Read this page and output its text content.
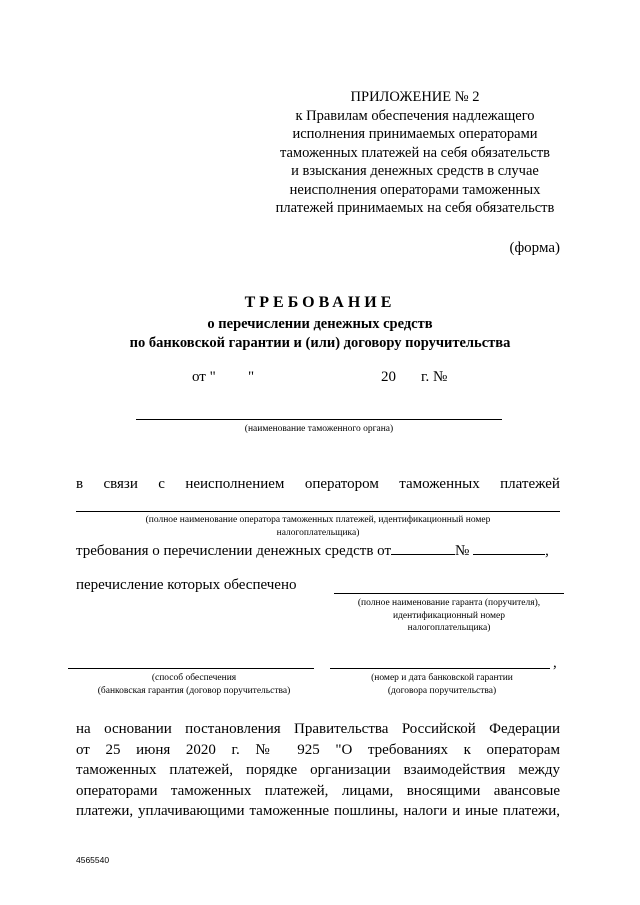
ПРИЛОЖЕНИЕ № 2
к Правилам обеспечения надлежащего
исполнения принимаемых операторами
таможенных платежей на себя обязательств
и взыскания денежных средств в случае
неисполнения операторами таможенных
платежей принимаемых на себя обязательств
(форма)
ТРЕБОВАНИЕ
о перечислении денежных средств
по банковской гарантии и (или) договору поручительства
от " "	20 г. №
(наименование таможенного органа)
в связи с неисполнением оператором таможенных платежей
(полное наименование оператора таможенных платежей, идентификационный номер
налогоплательщика)
требования о перечислении денежных средств от	№	,
перечисление которых обеспечено
(полное наименование гаранта (поручителя),
идентификационный номер
налогоплательщика)
(способ обеспечения
(банковская гарантия (договор поручительства)
,
(номер и дата банковской гарантии
(договора поручительства)
на основании постановления Правительства Российской Федерации
от 25 июня 2020 г. № 925 "О требованиях к операторам
таможенных платежей, порядке организации взаимодействия между
операторами таможенных платежей, лицами, вносящими авансовые
платежи, уплачивающими таможенные пошлины, налоги и иные платежи,
4565540
